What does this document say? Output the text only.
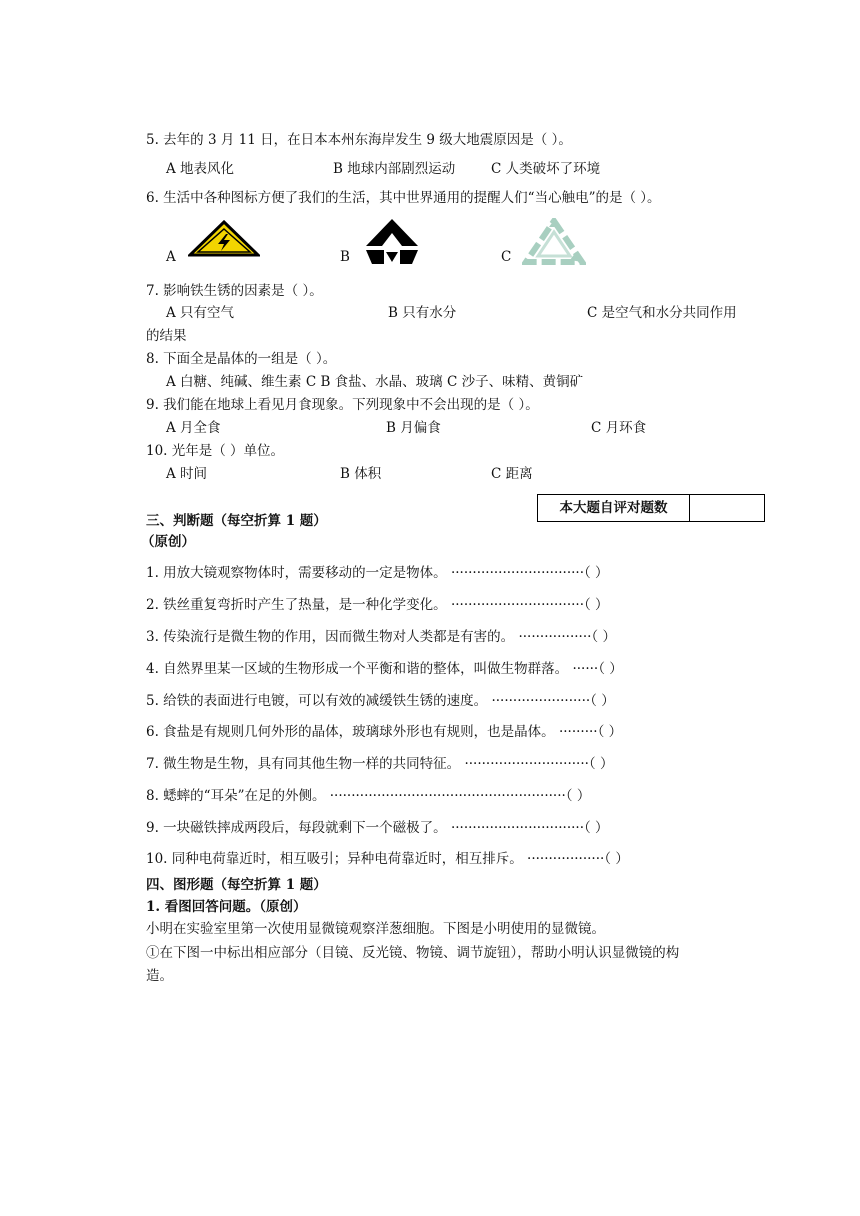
5. 去年的 3 月 11 日，在日本本州东海岸发生 9 级大地震原因是（ ）。
A 地表风化	B 地球内部剧烈运动	C 人类破坏了环境
6. 生活中各种图标方便了我们的生活，其中世界通用的提醒人们“当心触电”的是（ ）。
A	B	C
7. 影响铁生锈的因素是（ ）。
A 只有空气	B 只有水分	C 是空气和水分共同作用
的结果
8. 下面全是晶体的一组是（ ）。
A 白糖、纯碱、维生素 C B 食盐、水晶、玻璃 C 沙子、味精、黄铜矿
9. 我们能在地球上看见月食现象。下列现象中不会出现的是（ ）。
A 月全食	B 月偏食	C 月环食
10. 光年是（ ）单位。
A 时间	B 体积	C 距离
三、判断题（每空折算 1 题）
（原创）
本大题自评对题数
1. 用放大镜观察物体时，需要移动的一定是物体。 ·······························（ ）
2. 铁丝重复弯折时产生了热量，是一种化学变化。 ·······························（ ）
3. 传染流行是微生物的作用，因而微生物对人类都是有害的。 ·················（ ）
4. 自然界里某一区域的生物形成一个平衡和谐的整体，叫做生物群落。 ······（ ）
5. 给铁的表面进行电镀，可以有效的减缓铁生锈的速度。 ·······················（ ）
6. 食盐是有规则几何外形的晶体，玻璃球外形也有规则，也是晶体。 ·········（ ）
7. 微生物是生物，具有同其他生物一样的共同特征。 ·····························（ ）
8. 蟋蟀的“耳朵”在足的外侧。 ·······················································（ ）
9. 一块磁铁摔成两段后，每段就剩下一个磁极了。 ·······························（ ）
10. 同种电荷靠近时，相互吸引；异种电荷靠近时，相互排斥。 ··················（ ）
四、图形题（每空折算 1 题）
1. 看图回答问题。（原创）
小明在实验室里第一次使用显微镜观察洋葱细胞。下图是小明使用的显微镜。
①在下图一中标出相应部分（目镜、反光镜、物镜、调节旋钮），帮助小明认识显微镜的构
造。
